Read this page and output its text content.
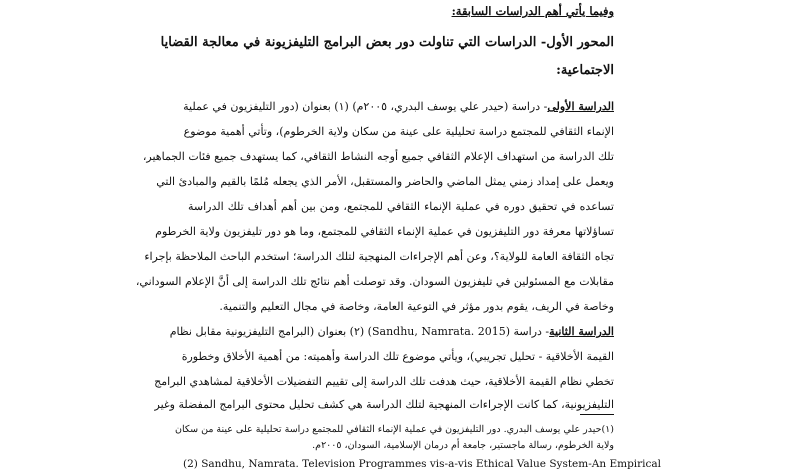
وفيما يأتي أهم الدراسات السابقة:
المحور الأول- الدراسات التي تناولت دور بعض البرامج التليفزيونة في معالجة القضايا
الاجتماعية:
الدراسة الأولى- دراسة (حيدر علي يوسف البدري، ٢٠٠٥م) (١) بعنوان (دور التليفزيون في عملية
الإنماء الثقافي للمجتمع دراسة تحليلية على عينة من سكان ولاية الخرطوم)، وتأتي أهمية موضوع
تلك الدراسة من استهداف الإعلام الثقافي جميع أوجه النشاط الثقافي، كما يستهدف جميع فئات الجماهير،
ويعمل على إمداد زمني يمثل الماضي والحاضر والمستقبل، الأمر الذي يجعله مُلمًا بالقيم والمبادئ التي
تساعده في تحقيق دوره في عملية الإنماء الثقافي للمجتمع، ومن بين أهم أهداف تلك الدراسة
تساؤلاتها معرفة دور التليفزيون في عملية الإنماء الثقافي للمجتمع، وما هو دور تليفزيون ولاية الخرطوم
تجاه الثقافة العامة للولاية؟، وعن أهم الإجراءات المنهجية لتلك الدراسة؛ استخدم الباحث الملاحظة بإجراء
مقابلات مع المسئولين في تليفزيون السودان. وقد توصلت أهم نتائج تلك الدراسة إلى أنَّ الإعلام السوداني،
وخاصة في الريف، يقوم بدور مؤثر في التوعية العامة، وخاصة في مجال التعليم والتنمية.
الدراسة الثانية- دراسة (Sandhu, Namrata. 2015) (٢) بعنوان (البرامج التليفزيونية مقابل نظام
القيمة الأخلاقية - تحليل تجريبي)، ويأتي موضوع تلك الدراسة وأهميته: من أهمية الأخلاق وخطورة
تخطي نظام القيمة الأخلاقية، حيث هدفت تلك الدراسة إلى تقييم التفضيلات الأخلاقية لمشاهدي البرامج
التليفزيونية، كما كانت الإجراءات المنهجية لتلك الدراسة هي كشف تحليل محتوى البرامج المفضلة وغير
(١)حيدر علي يوسف البدري. دور التليفزيون في عملية الإنماء الثقافي للمجتمع دراسة تحليلية على عينة من سكان
ولاية الخرطوم، رسالة ماجستير، جامعة أم درمان الإسلامية، السودان، ٢٠٠٥م.
(2) Sandhu, Namrata. Television Programmes vis-a-vis Ethical Value System-An Empirical
